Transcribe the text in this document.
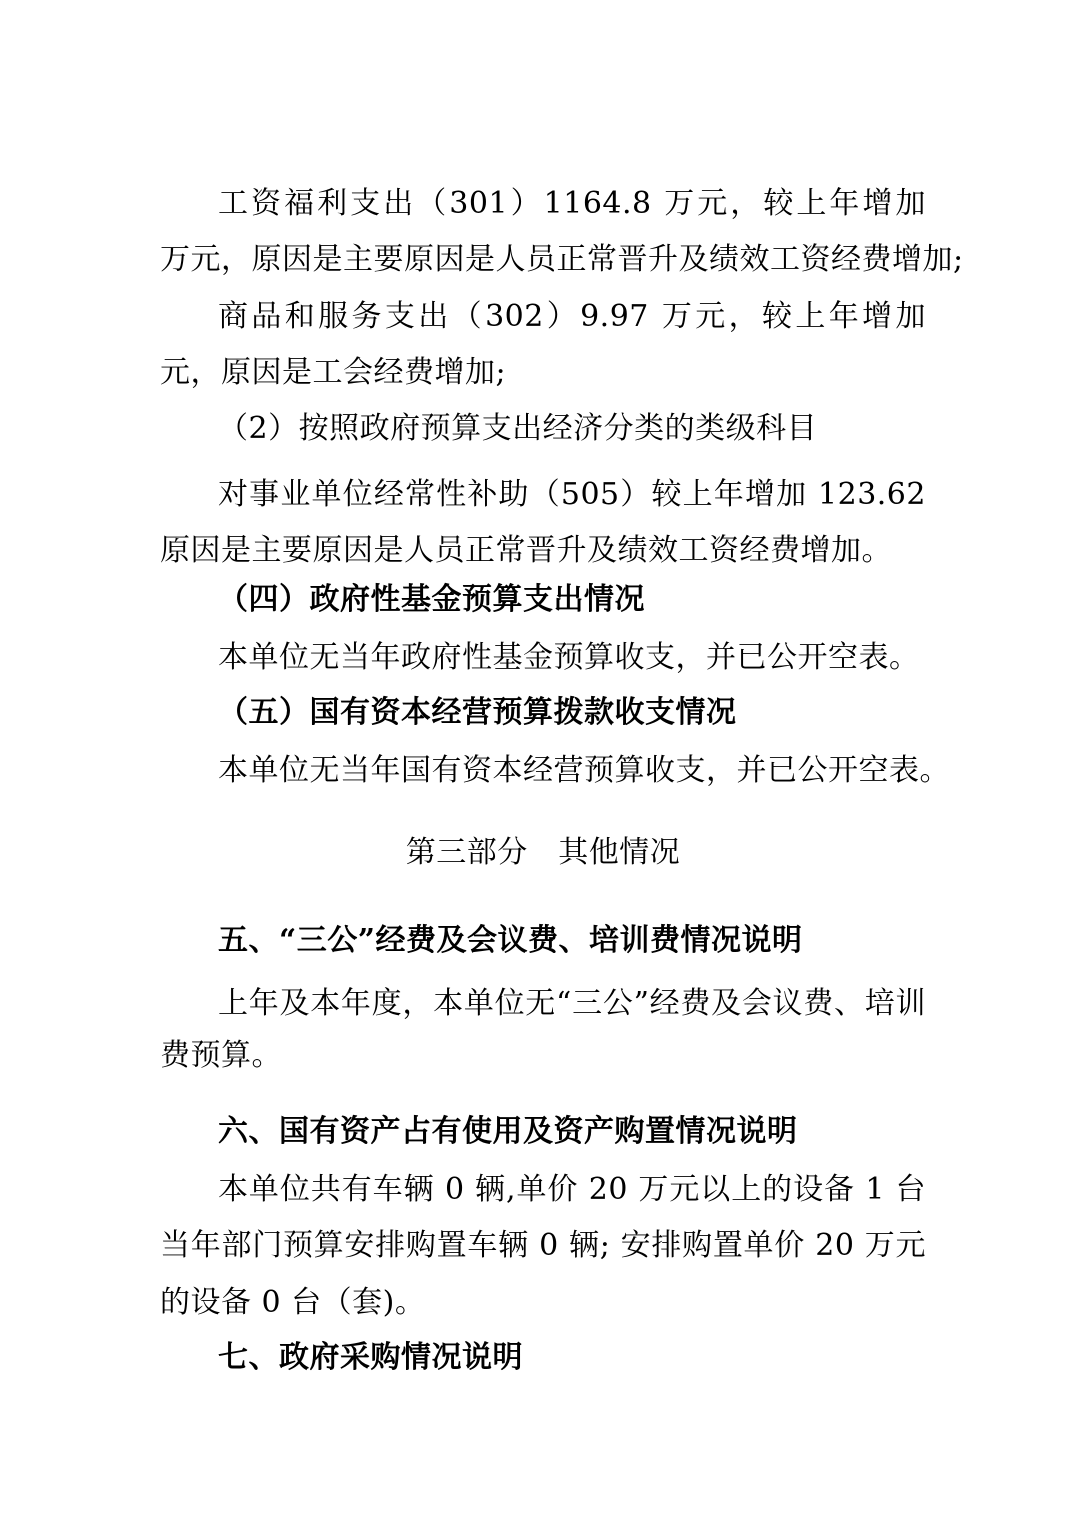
工资福利支出（301）1164.8 万元，较上年增加
万元，原因是主要原因是人员正常晋升及绩效工资经费增加;
商品和服务支出（302）9.97 万元，较上年增加
元，原因是工会经费增加;
（2）按照政府预算支出经济分类的类级科目
对事业单位经常性补助（505）较上年增加 123.62
原因是主要原因是人员正常晋升及绩效工资经费增加。
（四）政府性基金预算支出情况
本单位无当年政府性基金预算收支，并已公开空表。
（五）国有资本经营预算拨款收支情况
本单位无当年国有资本经营预算收支，并已公开空表。
第三部分　其他情况
五、“三公”经费及会议费、培训费情况说明
上年及本年度，本单位无“三公”经费及会议费、培训
费预算。
六、国有资产占有使用及资产购置情况说明
本单位共有车辆 0 辆,单价 20 万元以上的设备 1 台
当年部门预算安排购置车辆 0 辆; 安排购置单价 20 万元
的设备 0 台（套)。
七、政府采购情况说明
